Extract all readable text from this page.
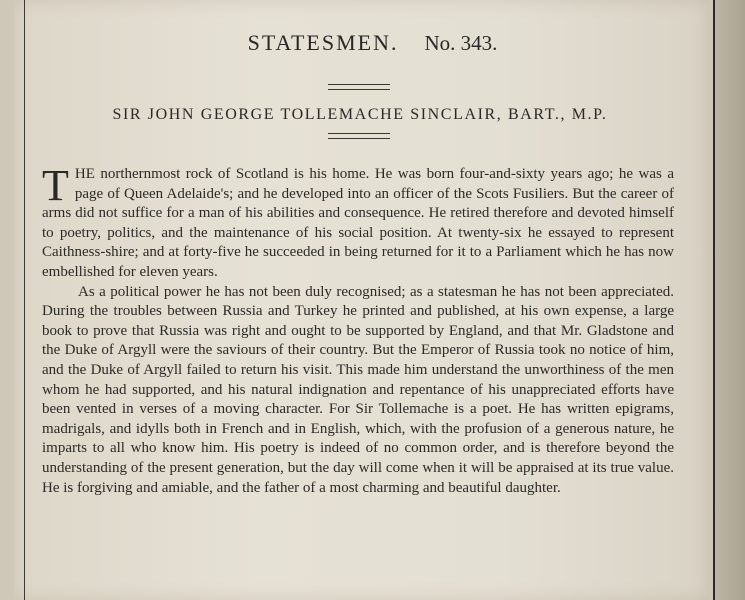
STATESMEN. No. 343.
SIR JOHN GEORGE TOLLEMACHE SINCLAIR, BART., M.P.

THE northernmost rock of Scotland is his home. He was born four-and-sixty years ago; he was a page of Queen Adelaide's; and he developed into an officer of the Scots Fusiliers. But the career of arms did not suffice for a man of his abilities and consequence. He retired therefore and devoted himself to poetry, politics, and the maintenance of his social position. At twenty-six he essayed to represent Caithness-shire; and at forty-five he succeeded in being returned for it to a Parliament which he has now embellished for eleven years.

As a political power he has not been duly recognised; as a statesman he has not been appreciated. During the troubles between Russia and Turkey he printed and published, at his own expense, a large book to prove that Russia was right and ought to be supported by England, and that Mr. Gladstone and the Duke of Argyll were the saviours of their country. But the Emperor of Russia took no notice of him, and the Duke of Argyll failed to return his visit. This made him understand the unworthiness of the men whom he had supported, and his natural indignation and repentance of his unappreciated efforts have been vented in verses of a moving character. For Sir Tollemache is a poet. He has written epigrams, madrigals, and idylls both in French and in English, which, with the profusion of a generous nature, he imparts to all who know him. His poetry is indeed of no common order, and is therefore beyond the understanding of the present generation, but the day will come when it will be appraised at its true value. He is forgiving and amiable, and the father of a most charming and beautiful daughter.
